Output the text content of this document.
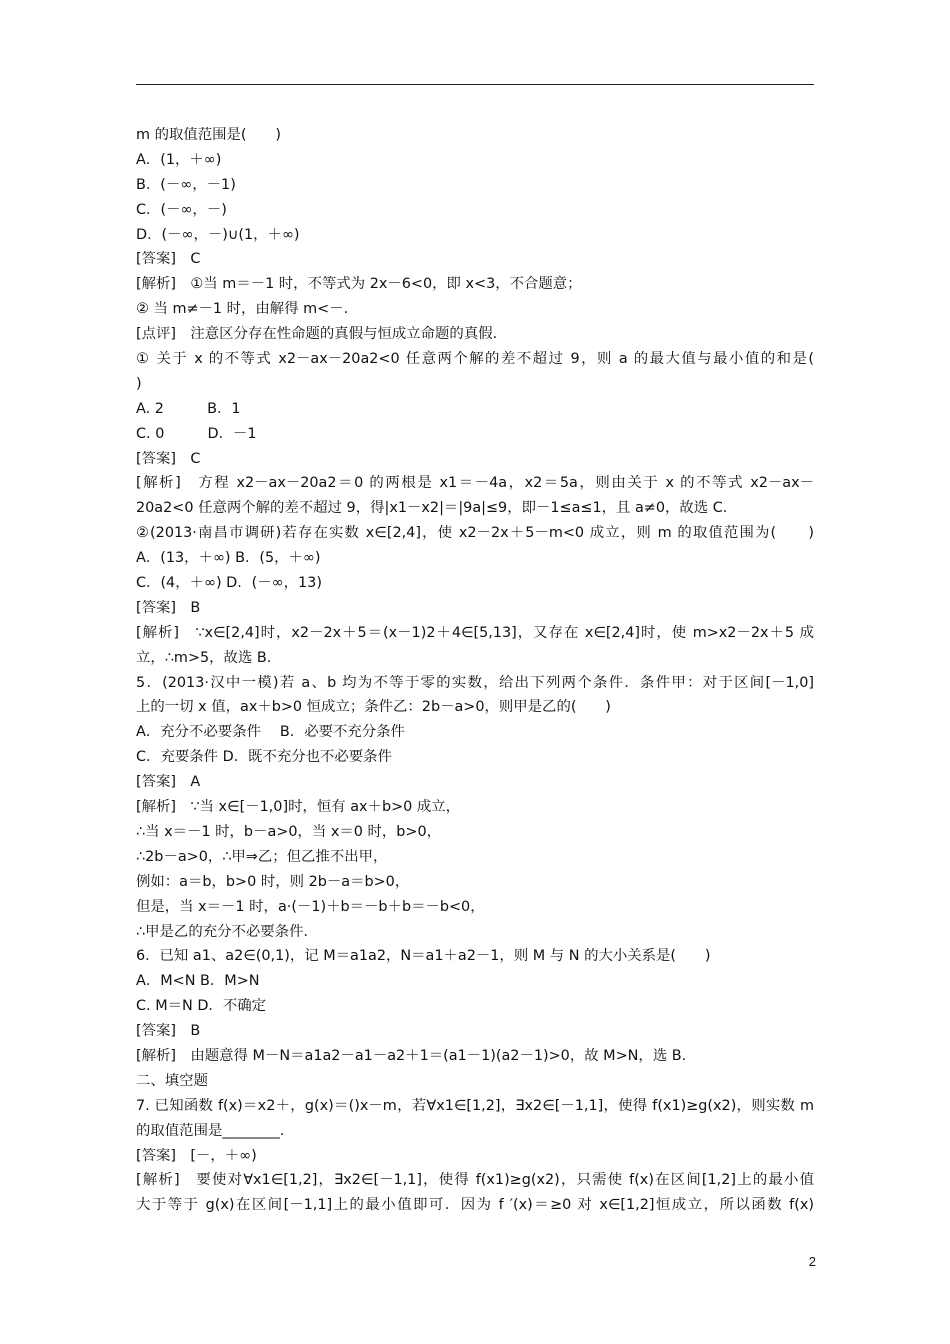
m 的取值范围是(　　)
A．(1，＋∞)
B．(－∞，－1)
C．(－∞，－)
D．(－∞，－)∪(1，＋∞)
[答案]　C
[解析]　①当 m＝－1 时，不等式为 2x－6<0，即 x<3，不合题意；
② 当 m≠－1 时，由解得 m<－.
[点评]　注意区分存在性命题的真假与恒成立命题的真假.
① 关于 x 的不等式 x2－ax－20a2<0 任意两个解的差不超过 9，则 a 的最大值与最小值的和是(
)
A. 2　　　B．1
C. 0　　　D．－1
[答案]　C
[解析]　方程 x2－ax－20a2＝0 的两根是 x1＝－4a，x2＝5a，则由关于 x 的不等式 x2－ax－
20a2<0 任意两个解的差不超过 9，得|x1－x2|＝|9a|≤9，即－1≤a≤1，且 a≠0，故选 C.
②(2013·南昌市调研)若存在实数 x∈[2,4]，使 x2－2x＋5－m<0 成立，则 m 的取值范围为(　　)
A．(13，＋∞) B．(5，＋∞)
C．(4，＋∞) D．(－∞，13)
[答案]　B
[解析]　∵x∈[2,4]时，x2－2x＋5＝(x－1)2＋4∈[5,13]，又存在 x∈[2,4]时，使 m>x2－2x＋5 成
立，∴m>5，故选 B.
5．(2013·汉中一模)若 a、b 均为不等于零的实数，给出下列两个条件．条件甲：对于区间[－1,0]
上的一切 x 值，ax＋b>0 恒成立；条件乙：2b－a>0，则甲是乙的(　　)
A．充分不必要条件　 B．必要不充分条件
C．充要条件 D．既不充分也不必要条件
[答案]　A
[解析]　∵当 x∈[－1,0]时，恒有 ax＋b>0 成立，
∴当 x＝－1 时，b－a>0，当 x＝0 时，b>0，
∴2b－a>0，∴甲⇒乙；但乙推不出甲，
例如：a＝b，b>0 时，则 2b－a＝b>0，
但是，当 x＝－1 时，a·(－1)＋b＝－b＋b＝－b<0，
∴甲是乙的充分不必要条件．
6．已知 a1、a2∈(0,1)，记 M＝a1a2，N＝a1＋a2－1，则 M 与 N 的大小关系是(　　)
A．M<N B．M>N
C. M＝N D．不确定
[答案]　B
[解析]　由题意得 M－N＝a1a2－a1－a2＋1＝(a1－1)(a2－1)>0，故 M>N，选 B.
二、填空题
7. 已知函数 f(x)＝x2＋，g(x)＝()x－m，若∀x1∈[1,2]，∃x2∈[－1,1]，使得 f(x1)≥g(x2)，则实数 m
的取值范围是________．
[答案]　[－，＋∞)
[解析]　要使对∀x1∈[1,2]，∃x2∈[－1,1]，使得 f(x1)≥g(x2)，只需使 f(x)在区间[1,2]上的最小值
大于等于 g(x)在区间[－1,1]上的最小值即可．因为 f ′(x)＝≥0 对 x∈[1,2]恒成立，所以函数 f(x)
2
